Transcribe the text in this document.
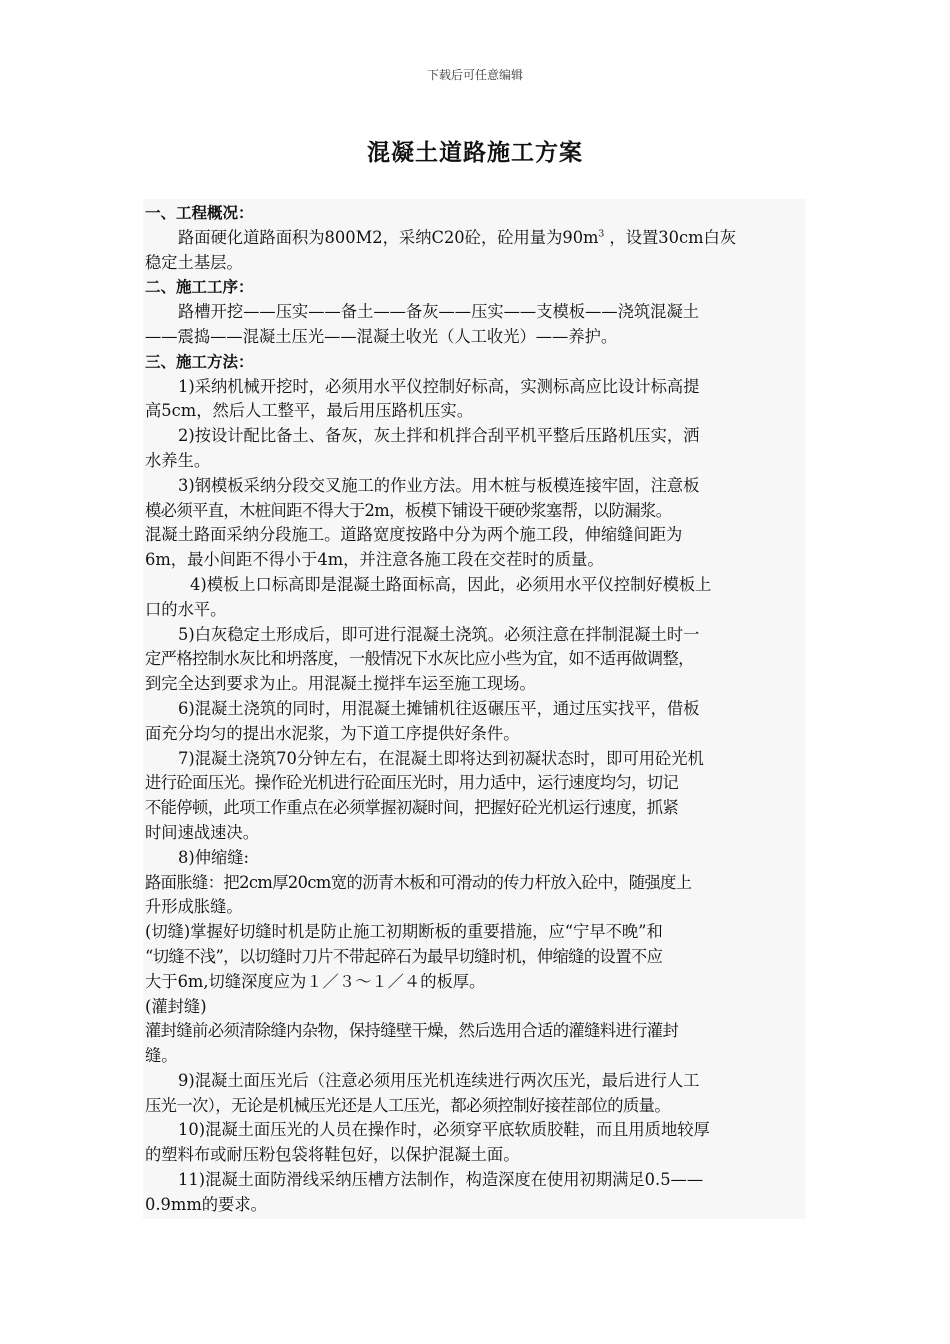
下载后可任意编辑
混凝土道路施工方案
一、工程概况：
路面硬化道路面积为800M2，采纳C20砼，砼用量为$90m^3$ ，设置30cm白灰
稳定土基层。
二、施工工序：
路槽开挖——压实——备土——备灰——压实——支模板——浇筑混凝土
——震捣——混凝土压光——混凝土收光（人工收光）——养护。
三、施工方法：
1)采纳机械开挖时，必须用水平仪控制好标高，实测标高应比设计标高提
高5cm，然后人工整平，最后用压路机压实。
2)按设计配比备土、备灰，灰土拌和机拌合刮平机平整后压路机压实，洒
水养生。
3)钢模板采纳分段交叉施工的作业方法。用木桩与板模连接牢固，注意板
模必须平直，木桩间距不得大于2m，板模下铺设干硬砂浆塞帮，以防漏浆。
混凝土路面采纳分段施工。道路宽度按路中分为两个施工段，伸缩缝间距为
6m，最小间距不得小于4m，并注意各施工段在交茬时的质量。
4)模板上口标高即是混凝土路面标高，因此，必须用水平仪控制好模板上
口的水平。
5)白灰稳定土形成后，即可进行混凝土浇筑。必须注意在拌制混凝土时一
定严格控制水灰比和坍落度，一般情况下水灰比应小些为宜，如不适再做调整，
到完全达到要求为止。用混凝土搅拌车运至施工现场。
6)混凝土浇筑的同时，用混凝土摊铺机往返碾压平，通过压实找平，借板
面充分均匀的提出水泥浆，为下道工序提供好条件。
7)混凝土浇筑70分钟左右，在混凝土即将达到初凝状态时，即可用砼光机
进行砼面压光。操作砼光机进行砼面压光时，用力适中，运行速度均匀，切记
不能停顿，此项工作重点在必须掌握初凝时间，把握好砼光机运行速度，抓紧
时间速战速决。
8)伸缩缝:
路面胀缝：把2cm厚20cm宽的沥青木板和可滑动的传力杆放入砼中，随强度上
升形成胀缝。
(切缝)掌握好切缝时机是防止施工初期断板的重要措施，应“宁早不晚”和
“切缝不浅”，以切缝时刀片不带起碎石为最早切缝时机，伸缩缝的设置不应
大于6m,切缝深度应为１／３～１／４的板厚。
(灌封缝)
灌封缝前必须清除缝内杂物，保持缝壁干燥，然后选用合适的灌缝料进行灌封
缝。
9)混凝土面压光后（注意必须用压光机连续进行两次压光，最后进行人工
压光一次），无论是机械压光还是人工压光，都必须控制好接茬部位的质量。
10)混凝土面压光的人员在操作时，必须穿平底软质胶鞋，而且用质地较厚
的塑料布或耐压粉包袋将鞋包好，以保护混凝土面。
11)混凝土面防滑线采纳压槽方法制作，构造深度在使用初期满足0.5——
0.9mm的要求。
